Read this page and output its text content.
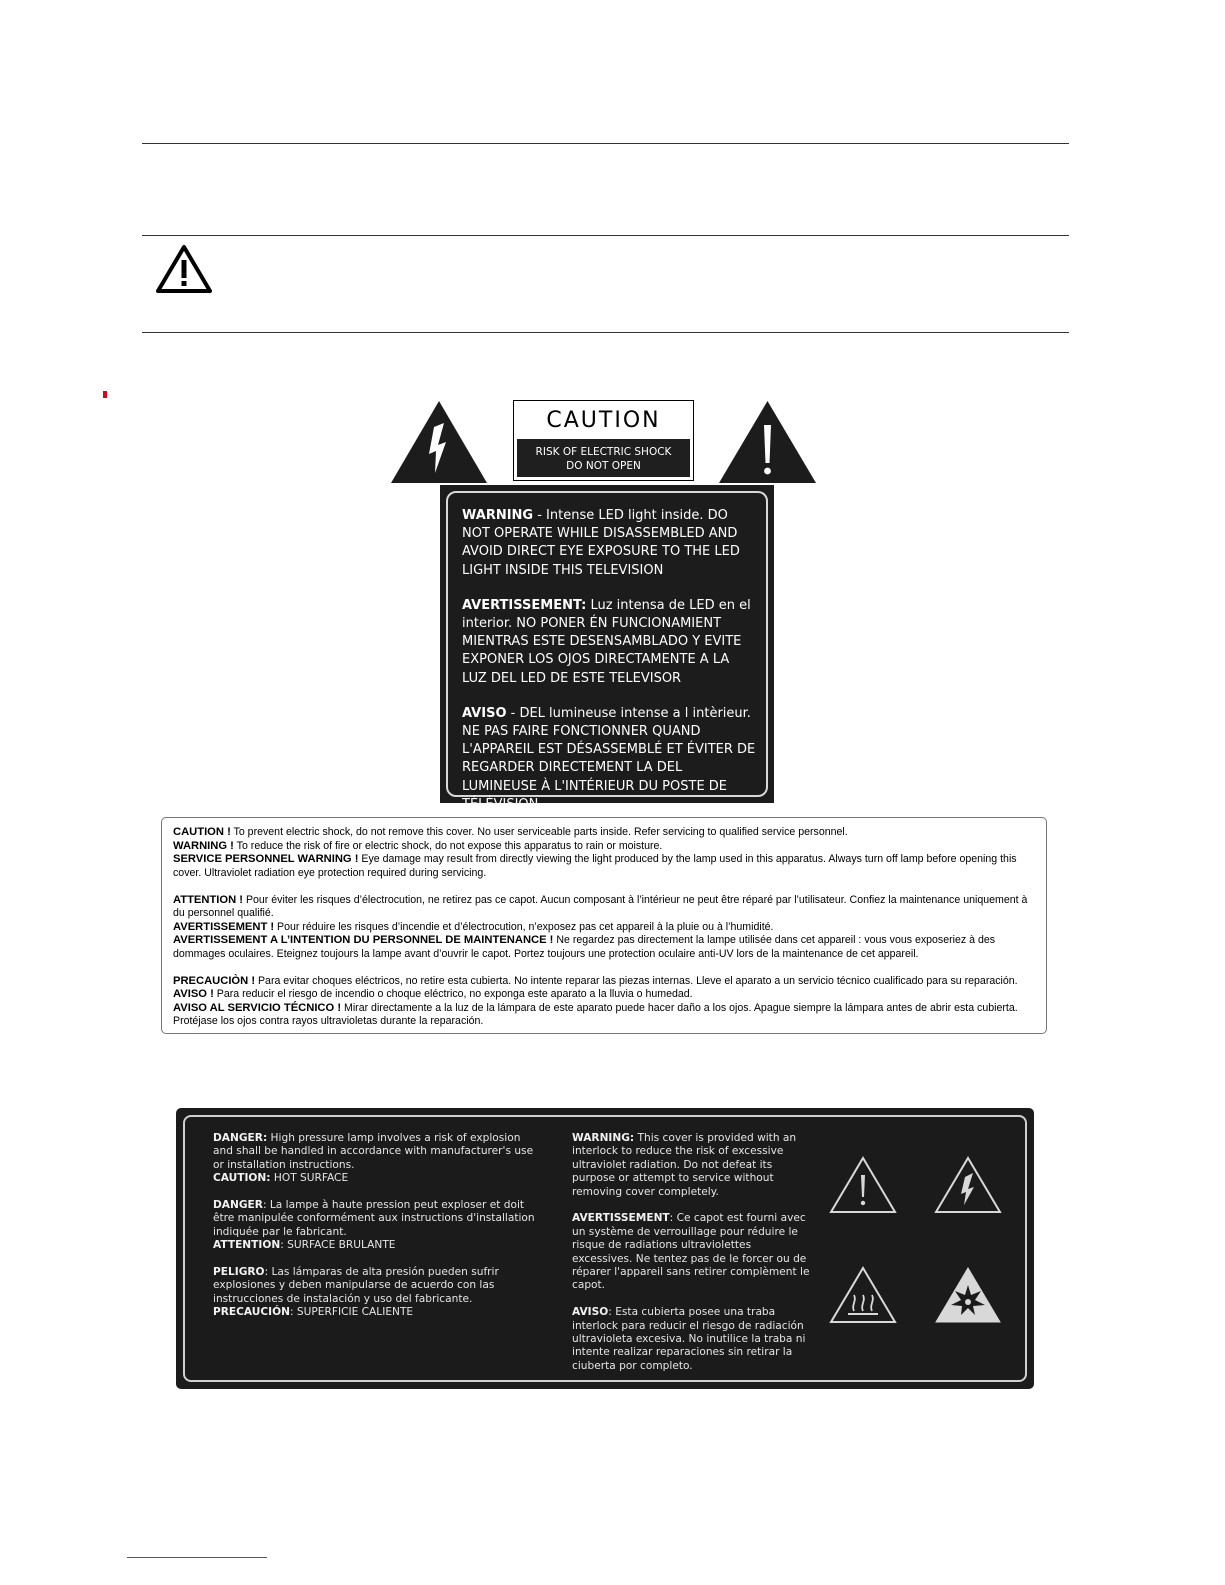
CAUTION
RISK OF ELECTRIC SHOCK
DO NOT OPEN

WARNING - Intense LED light inside. DO NOT OPERATE WHILE DISASSEMBLED AND AVOID DIRECT EYE EXPOSURE TO THE LED LIGHT INSIDE THIS TELEVISION

AVERTISSEMENT: Luz intensa de LED en el interior. NO PONER ÉN FUNCIONAMIENT MIENTRAS ESTE DESENSAMBLADO Y EVITE EXPONER LOS OJOS DIRECTAMENTE A LA LUZ DEL LED DE ESTE TELEVISOR

AVISO - DEL lumineuse intense a l intèrieur. NE PAS FAIRE FONCTIONNER QUAND L'APPAREIL EST DÉSASSEMBLÉ ET ÉVITER DE REGARDER DIRECTEMENT LA DEL LUMINEUSE À L'INTÉRIEUR DU POSTE DE TÉLÉVISION.

CAUTION ! To prevent electric shock, do not remove this cover. No user serviceable parts inside. Refer servicing to qualified service personnel.

WARNING ! To reduce the risk of fire or electric shock, do not expose this apparatus to rain or moisture.

SERVICE PERSONNEL WARNING ! Eye damage may result from directly viewing the light produced by the lamp used in this apparatus. Always turn off lamp before opening this cover. Ultraviolet radiation eye protection required during servicing.

ATTENTION ! Pour éviter les risques d’électrocution, ne retirez pas ce capot. Aucun composant à l’intérieur ne peut être réparé par l’utilisateur. Confiez la maintenance uniquement à du personnel qualifié.

AVERTISSEMENT ! Pour réduire les risques d’incendie et d’électrocution, n’exposez pas cet appareil à la pluie ou à l’humidité.

AVERTISSEMENT A L’INTENTION DU PERSONNEL DE MAINTENANCE ! Ne regardez pas directement la lampe utilisée dans cet appareil : vous vous exposeriez à des dommages oculaires. Eteignez toujours la lampe avant d’ouvrir le capot. Portez toujours une protection oculaire anti-UV lors de la maintenance de cet appareil.

PRECAUCIÒN ! Para evitar choques eléctricos, no retire esta cubierta. No intente reparar las piezas internas. Lleve el aparato a un servicio técnico cualificado para su reparación.

AVISO ! Para reducir el riesgo de incendio o choque eléctrico, no exponga este aparato a la lluvia o humedad.

AVISO AL SERVICIO TÉCNICO ! Mirar directamente a la luz de la lámpara de este aparato puede hacer daño a los ojos. Apague siempre la lámpara antes de abrir esta cubierta. Protéjase los ojos contra rayos ultravioletas durante la reparación.

DANGER: High pressure lamp involves a risk of explosion and shall be handled in accordance with manufacturer's use or installation instructions.

CAUTION: HOT SURFACE

DANGER: La lampe à haute pression peut exploser et doit être manipulée conformément aux instructions d'installation indiquée par le fabricant.

ATTENTION: SURFACE BRULANTE

PELIGRO: Las lámparas de alta presión pueden sufrir explosiones y deben manipularse de acuerdo con las instrucciones de instalación y uso del fabricante.

PRECAUCIÓN: SUPERFICIE CALIENTE

WARNING: This cover is provided with an interlock to reduce the risk of excessive ultraviolet radiation. Do not defeat its purpose or attempt to service without removing cover completely.

AVERTISSEMENT: Ce capot est fourni avec un système de verrouillage pour réduire le risque de radiations ultraviolettes excessives. Ne tentez pas de le forcer ou de réparer l'appareil sans retirer complèment le capot.

AVISO: Esta cubierta posee una traba interlock para reducir el riesgo de radiación ultravioleta excesiva. No inutilice la traba ni intente realizar reparaciones sin retirar la ciuberta por completo.
